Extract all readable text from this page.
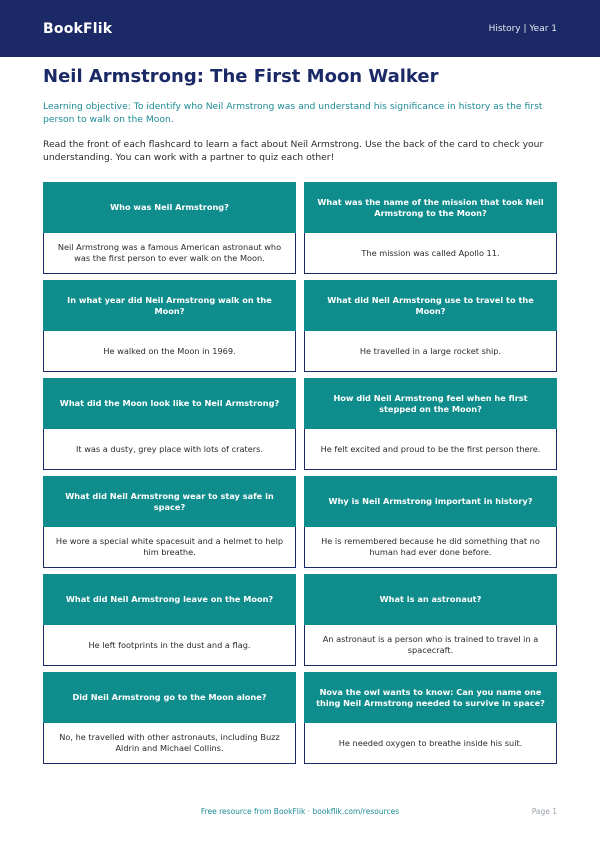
BookFlik	History | Year 1
Neil Armstrong: The First Moon Walker

Learning objective: To identify who Neil Armstrong was and understand his significance in history as the first person to walk on the Moon.

Read the front of each flashcard to learn a fact about Neil Armstrong. Use the back of the card to check your understanding. You can work with a partner to quiz each other!

Who was Neil Armstrong?
Neil Armstrong was a famous American astronaut who was the first person to ever walk on the Moon.
What was the name of the mission that took Neil Armstrong to the Moon?
The mission was called Apollo 11.
In what year did Neil Armstrong walk on the Moon?
He walked on the Moon in 1969.
What did Neil Armstrong use to travel to the Moon?
He travelled in a large rocket ship.
What did the Moon look like to Neil Armstrong?
It was a dusty, grey place with lots of craters.
How did Neil Armstrong feel when he first stepped on the Moon?
He felt excited and proud to be the first person there.
What did Neil Armstrong wear to stay safe in space?
He wore a special white spacesuit and a helmet to help him breathe.
Why is Neil Armstrong important in history?
He is remembered because he did something that no human had ever done before.
What did Neil Armstrong leave on the Moon?
He left footprints in the dust and a flag.
What is an astronaut?
An astronaut is a person who is trained to travel in a spacecraft.
Did Neil Armstrong go to the Moon alone?
No, he travelled with other astronauts, including Buzz Aldrin and Michael Collins.
Nova the owl wants to know: Can you name one thing Neil Armstrong needed to survive in space?
He needed oxygen to breathe inside his suit.
Free resource from BookFlik · bookflik.com/resources	Page 1
